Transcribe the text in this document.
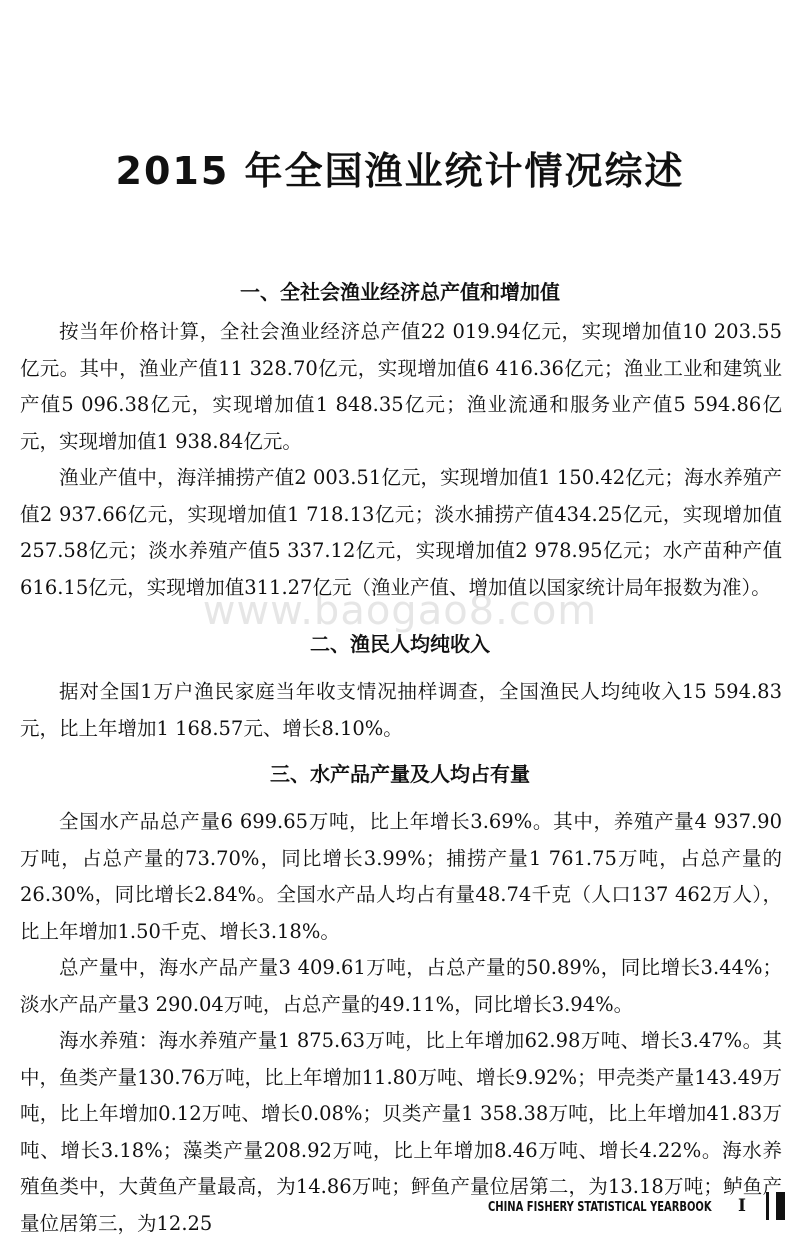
2015 年全国渔业统计情况综述
www.baogao8.com
一、全社会渔业经济总产值和增加值

按当年价格计算，全社会渔业经济总产值22 019.94亿元，实现增加值10 203.55亿元。其中，渔业产值11 328.70亿元，实现增加值6 416.36亿元；渔业工业和建筑业产值5 096.38亿元，实现增加值1 848.35亿元；渔业流通和服务业产值5 594.86亿元，实现增加值1 938.84亿元。

渔业产值中，海洋捕捞产值2 003.51亿元，实现增加值1 150.42亿元；海水养殖产值2 937.66亿元，实现增加值1 718.13亿元；淡水捕捞产值434.25亿元，实现增加值257.58亿元；淡水养殖产值5 337.12亿元，实现增加值2 978.95亿元；水产苗种产值616.15亿元，实现增加值311.27亿元（渔业产值、增加值以国家统计局年报数为准）。

二、渔民人均纯收入

据对全国1万户渔民家庭当年收支情况抽样调查，全国渔民人均纯收入15 594.83元，比上年增加1 168.57元、增长8.10%。

三、水产品产量及人均占有量

全国水产品总产量6 699.65万吨，比上年增长3.69%。其中，养殖产量4 937.90万吨，占总产量的73.70%，同比增长3.99%；捕捞产量1 761.75万吨，占总产量的26.30%，同比增长2.84%。全国水产品人均占有量48.74千克（人口137 462万人），比上年增加1.50千克、增长3.18%。

总产量中，海水产品产量3 409.61万吨，占总产量的50.89%，同比增长3.44%；淡水产品产量3 290.04万吨，占总产量的49.11%，同比增长3.94%。

海水养殖：海水养殖产量1 875.63万吨，比上年增加62.98万吨、增长3.47%。其中，鱼类产量130.76万吨，比上年增加11.80万吨、增长9.92%；甲壳类产量143.49万吨，比上年增加0.12万吨、增长0.08%；贝类产量1 358.38万吨，比上年增加41.83万吨、增长3.18%；藻类产量208.92万吨，比上年增加8.46万吨、增长4.22%。海水养殖鱼类中，大黄鱼产量最高，为14.86万吨；鲆鱼产量位居第二，为13.18万吨；鲈鱼产量位居第三，为12.25

CHINA FISHERY STATISTICAL YEARBOOK I
